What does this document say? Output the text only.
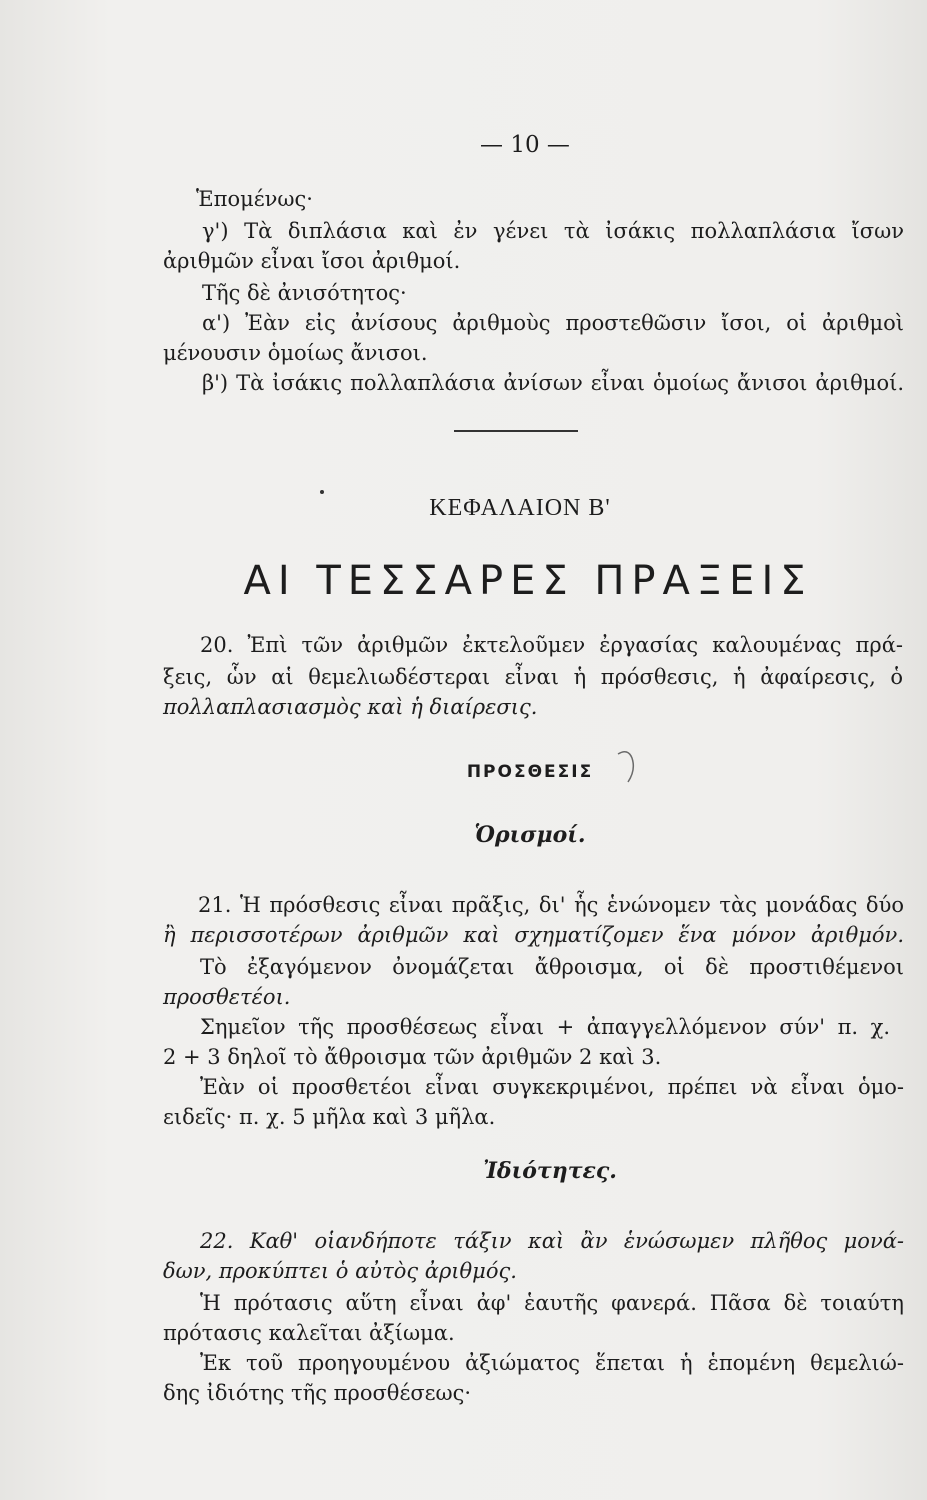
— 10 —
Ἑπομένως·
γ') Τὰ διπλάσια καὶ ἐν γένει τὰ ἰσάκις πολλαπλάσια ἴσων
ἀριθμῶν εἶναι ἴσοι ἀριθμοί.
Τῆς δὲ ἀνισότητος·
α') Ἐὰν εἰς ἀνίσους ἀριθμοὺς προστεθῶσιν ἴσοι, οἱ ἀριθμοὶ
μένουσιν ὁμοίως ἄνισοι.
β') Τὰ ἰσάκις πολλαπλάσια ἀνίσων εἶναι ὁμοίως ἄνισοι ἀριθμοί.
ΚΕΦΑΛΑΙΟΝ Β'
ΑΙ ΤΕΣΣΑΡΕΣ ΠΡΑΞΕΙΣ
20. Ἐπὶ τῶν ἀριθμῶν ἐκτελοῦμεν ἐργασίας καλουμένας πρά-
ξεις, ὧν αἱ θεμελιωδέστεραι εἶναι ἡ πρόσθεσις, ἡ ἀφαίρεσις, ὁ
πολλαπλασιασμὸς καὶ ἡ διαίρεσις.
ΠΡΟΣΘΕΣΙΣ
Ὁρισμοί.
21. Ἡ πρόσθεσις εἶναι πρᾶξις, δι' ἧς ἑνώνομεν τὰς μονάδας δύο
ἢ περισσοτέρων ἀριθμῶν καὶ σχηματίζομεν ἕνα μόνον ἀριθμόν.
Τὸ ἐξαγόμενον ὀνομάζεται ἄθροισμα, οἱ δὲ προστιθέμενοι
προσθετέοι.
Σημεῖον τῆς προσθέσεως εἶναι + ἀπαγγελλόμενον σύν' π. χ.
2 + 3 δηλοῖ τὸ ἄθροισμα τῶν ἀριθμῶν 2 καὶ 3.
Ἐὰν οἱ προσθετέοι εἶναι συγκεκριμένοι, πρέπει νὰ εἶναι ὁμο-
ειδεῖς· π. χ. 5 μῆλα καὶ 3 μῆλα.
Ἰδιότητες.
22. Καθ' οἱανδήποτε τάξιν καὶ ἂν ἑνώσωμεν πλῆθος μονά-
δων, προκύπτει ὁ αὐτὸς ἀριθμός.
Ἡ πρότασις αὕτη εἶναι ἀφ' ἑαυτῆς φανερά. Πᾶσα δὲ τοιαύτη
πρότασις καλεῖται ἀξίωμα.
Ἐκ τοῦ προηγουμένου ἀξιώματος ἕπεται ἡ ἑπομένη θεμελιώ-
δης ἰδιότης τῆς προσθέσεως·
